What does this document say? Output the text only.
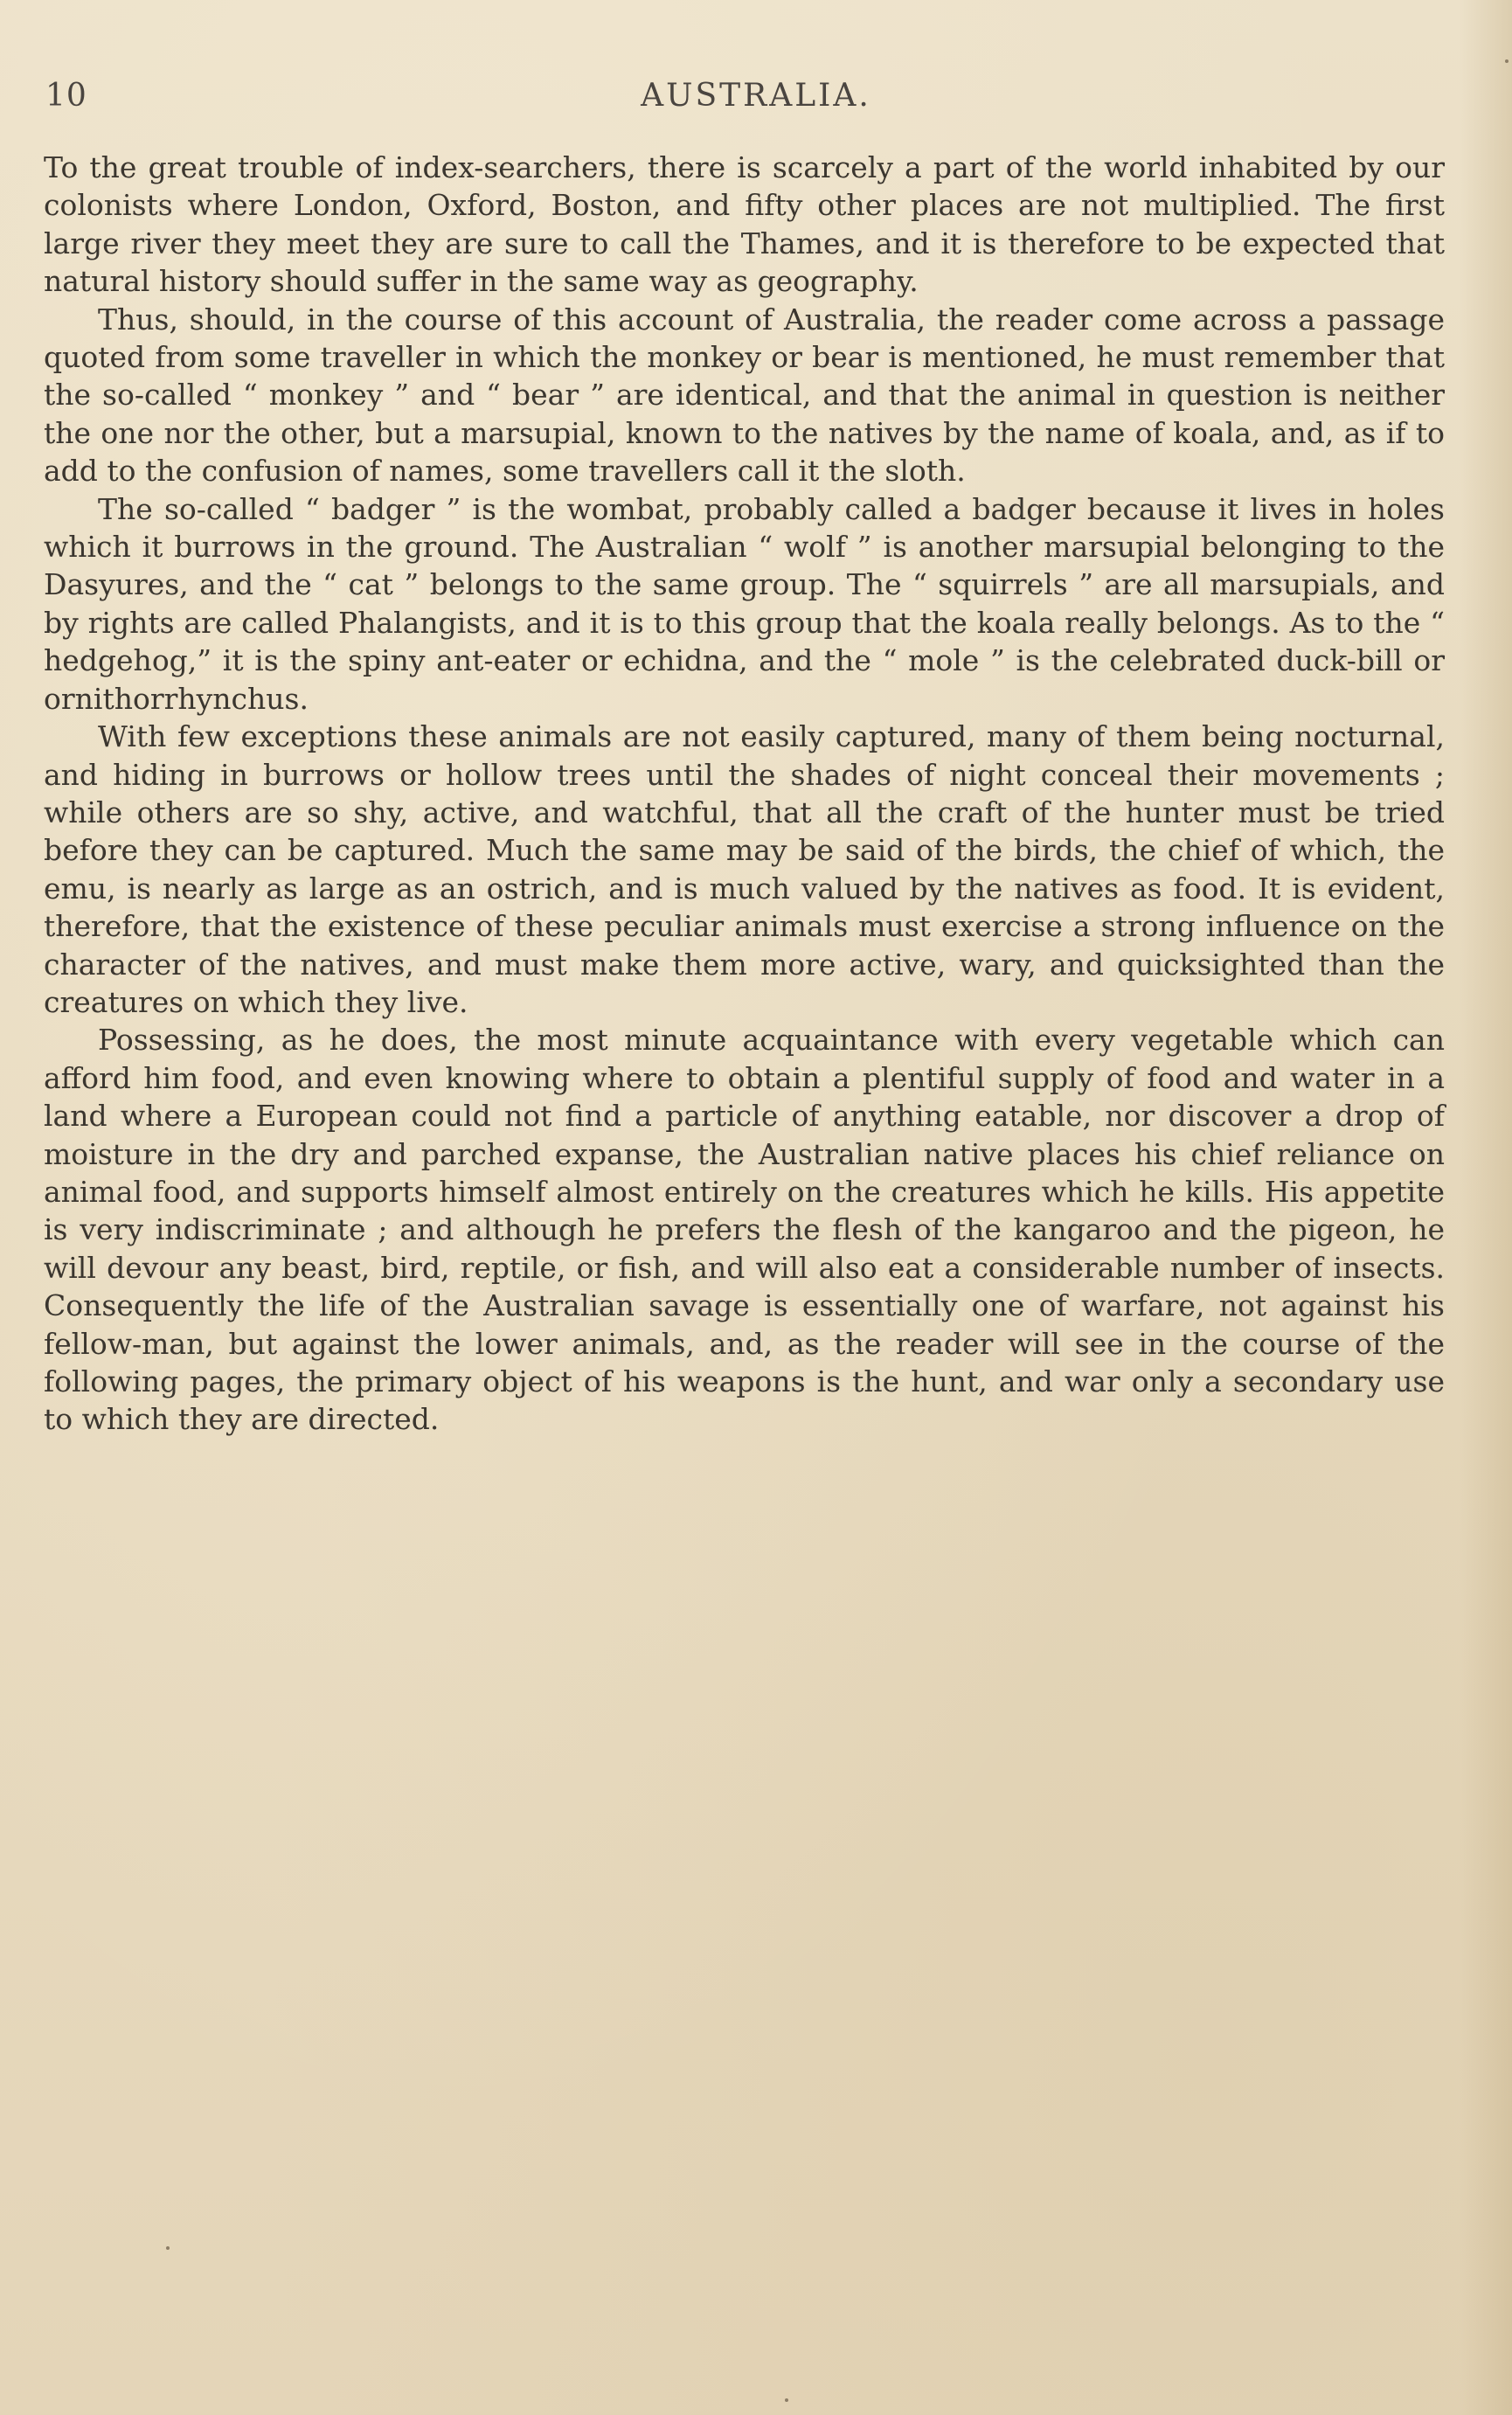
10	AUSTRALIA.

To the great trouble of index-searchers, there is scarcely a part of the world inhabited by our colonists where London, Oxford, Boston, and fifty other places are not multiplied. The first large river they meet they are sure to call the Thames, and it is therefore to be expected that natural history should suffer in the same way as geography.

Thus, should, in the course of this account of Australia, the reader come across a passage quoted from some traveller in which the monkey or bear is mentioned, he must remember that the so-called “ monkey ” and “ bear ” are identical, and that the animal in question is neither the one nor the other, but a marsupial, known to the natives by the name of koala, and, as if to add to the confusion of names, some travellers call it the sloth.

The so-called “ badger ” is the wombat, probably called a badger because it lives in holes which it burrows in the ground. The Australian “ wolf ” is another marsupial belonging to the Dasyures, and the “ cat ” belongs to the same group. The “ squirrels ” are all marsupials, and by rights are called Phalangists, and it is to this group that the koala really belongs. As to the “ hedgehog,” it is the spiny ant-eater or echidna, and the “ mole ” is the celebrated duck-bill or ornithorrhynchus.

With few exceptions these animals are not easily captured, many of them being nocturnal, and hiding in burrows or hollow trees until the shades of night conceal their movements ; while others are so shy, active, and watchful, that all the craft of the hunter must be tried before they can be captured. Much the same may be said of the birds, the chief of which, the emu, is nearly as large as an ostrich, and is much valued by the natives as food. It is evident, therefore, that the existence of these peculiar animals must exercise a strong influence on the character of the natives, and must make them more active, wary, and quicksighted than the creatures on which they live.

Possessing, as he does, the most minute acquaintance with every vegetable which can afford him food, and even knowing where to obtain a plentiful supply of food and water in a land where a European could not find a particle of anything eatable, nor discover a drop of moisture in the dry and parched expanse, the Australian native places his chief reliance on animal food, and supports himself almost entirely on the creatures which he kills. His appetite is very indiscriminate ; and although he prefers the flesh of the kangaroo and the pigeon, he will devour any beast, bird, reptile, or fish, and will also eat a considerable number of insects. Consequently the life of the Australian savage is essentially one of warfare, not against his fellow-man, but against the lower animals, and, as the reader will see in the course of the following pages, the primary object of his weapons is the hunt, and war only a secondary use to which they are directed.
